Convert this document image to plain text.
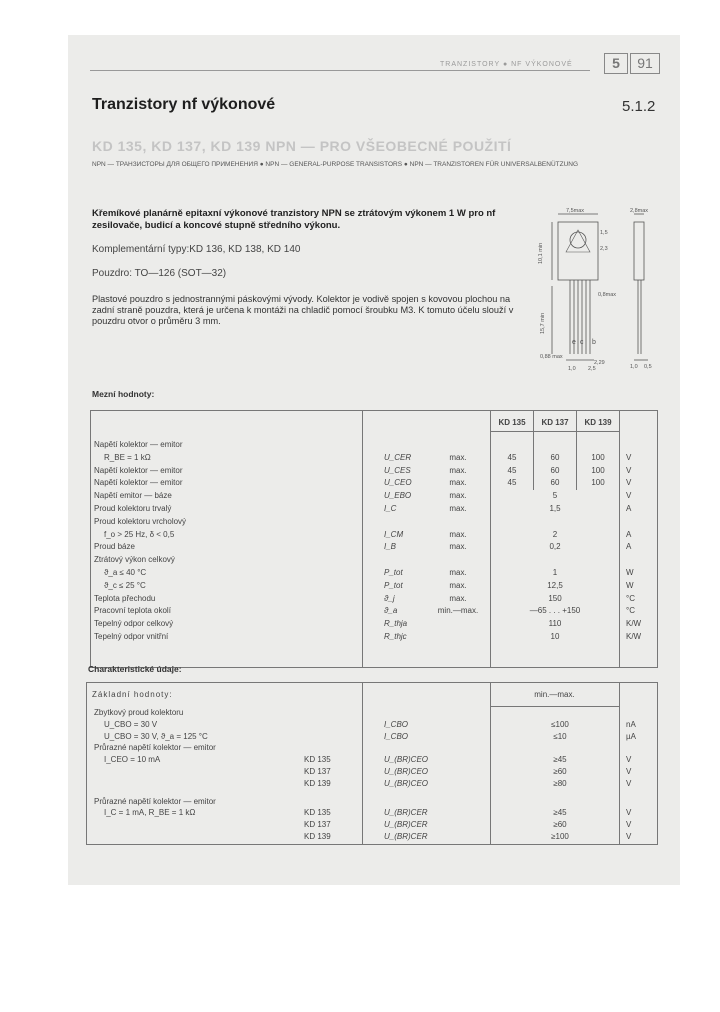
TRANZISTORY ● NF VÝKONOVÉ	5	91
Tranzistory nf výkonové	5.1.2
KD 135, KD 137, KD 139 NPN — PRO VŠEOBECNÉ POUŽITÍ
NPN — ТРАНЗИСТОРЫ ДЛЯ ОБЩЕГО ПРИМЕНЕНИЯ ● NPN — GENERAL-PURPOSE TRANSISTORS ● NPN — TRANZISTOREN FÜR UNIVERSALBENÜTZUNG
Křemíkové planárně epitaxní výkonové tranzistory NPN se ztrátovým výkonem 1 W pro nf zesilovače, budicí a koncové stupně středního výkonu.
Komplementární typy:KD 136, KD 138, KD 140
Pouzdro: TO—126 (SOT—32)
Plastové pouzdro s jednostrannými páskovými vývody. Kolektor je vodivě spojen s kovovou plochou na zadní straně pouzdra, která je určena k montáži na chladič pomocí šroubku M3. K tomuto účelu slouží v pouzdru otvor o průměru 3 mm.
7,5max	2,8max
10,1 min
1,5
2,3
0,8max
15,7 min
0,88 max
2,29
1,0 2,5	1,0 0,5
e c b
Mezní hodnoty:
KD 135	KD 137	KD 139
Napětí kolektor — emitor
R_BE = 1 kΩ	U_CER	max.	45	60	100	V
Napětí kolektor — emitor	U_CES	max.	45	60	100	V
Napětí kolektor — emitor	U_CEO	max.	45	60	100	V
Napětí emitor — báze	U_EBO	max.	5	V
Proud kolektoru trvalý	I_C	max.	1,5	A
Proud kolektoru vrcholový
f_o > 25 Hz, δ < 0,5	I_CM	max.	2	A
Proud báze	I_B	max.	0,2	A
Ztrátový výkon celkový
ϑ_a ≤ 40 °C	P_tot	max.	1	W
ϑ_c ≤ 25 °C	P_tot	max.	12,5	W
Teplota přechodu	ϑ_j	max.	150	°C
Pracovní teplota okolí	ϑ_a	min.—max.	—65 . . . +150	°C
Tepelný odpor celkový	R_thja	110	K/W
Tepelný odpor vnitřní	R_thjc	10	K/W
Charakteristické údaje:
Základní hodnoty:	min.—max.
Zbytkový proud kolektoru
U_CBO = 30 V	I_CBO	≤100	nA
U_CBO = 30 V, ϑ_a = 125 °C	I_CBO	≤10	µA
Průrazné napětí kolektor — emitor
I_CEO = 10 mA	KD 135	U_(BR)CEO	≥45	V
KD 137	U_(BR)CEO	≥60	V
KD 139	U_(BR)CEO	≥80	V
Průrazné napětí kolektor — emitor
I_C = 1 mA, R_BE = 1 kΩ	KD 135	U_(BR)CER	≥45	V
KD 137	U_(BR)CER	≥60	V
KD 139	U_(BR)CER	≥100	V
